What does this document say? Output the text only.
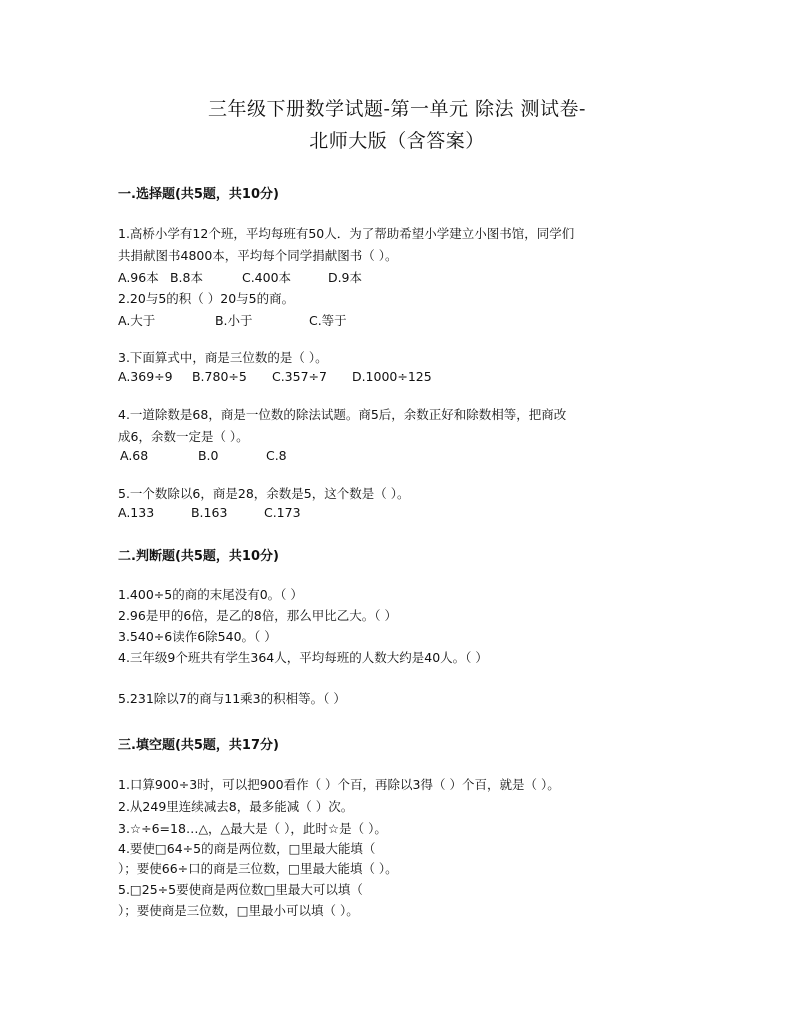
三年级下册数学试题-第一单元 除法 测试卷-
北师大版（含答案）
一.选择题(共5题，共10分)
1.高桥小学有12个班，平均每班有50人．为了帮助希望小学建立小图书馆，同学们
共捐献图书4800本，平均每个同学捐献图书（ ）。
A.96本 B.8本	C.400本	D.9本
2.20与5的积（ ）20与5的商。
A.大于	B.小于	C.等于
3.下面算式中，商是三位数的是（ ）。
A.369÷9 B.780÷5 C.357÷7 D.1000÷125
4.一道除数是68，商是一位数的除法试题。商5后，余数正好和除数相等，把商改
成6，余数一定是（ ）。
A.68	B.0	C.8
5.一个数除以6，商是28，余数是5，这个数是（ ）。
A.133	B.163	C.173
二.判断题(共5题，共10分)
1.400÷5的商的末尾没有0。（ ）
2.96是甲的6倍，是乙的8倍，那么甲比乙大。（ ）
3.540÷6读作6除540。（ ）
4.三年级9个班共有学生364人，平均每班的人数大约是40人。（ ）
5.231除以7的商与11乘3的积相等。（ ）
三.填空题(共5题，共17分)
1.口算900÷3时，可以把900看作（ ）个百，再除以3得（ ）个百，就是（ ）。
2.从249里连续减去8，最多能减（ ）次。
3.☆÷6=18…△，△最大是（ ），此时☆是（ ）。
4.要使□64÷5的商是两位数，□里最大能填（
）；要使66÷口的商是三位数，□里最大能填（ ）。
5.□25÷5要使商是两位数□里最大可以填（
）；要使商是三位数，□里最小可以填（ ）。
